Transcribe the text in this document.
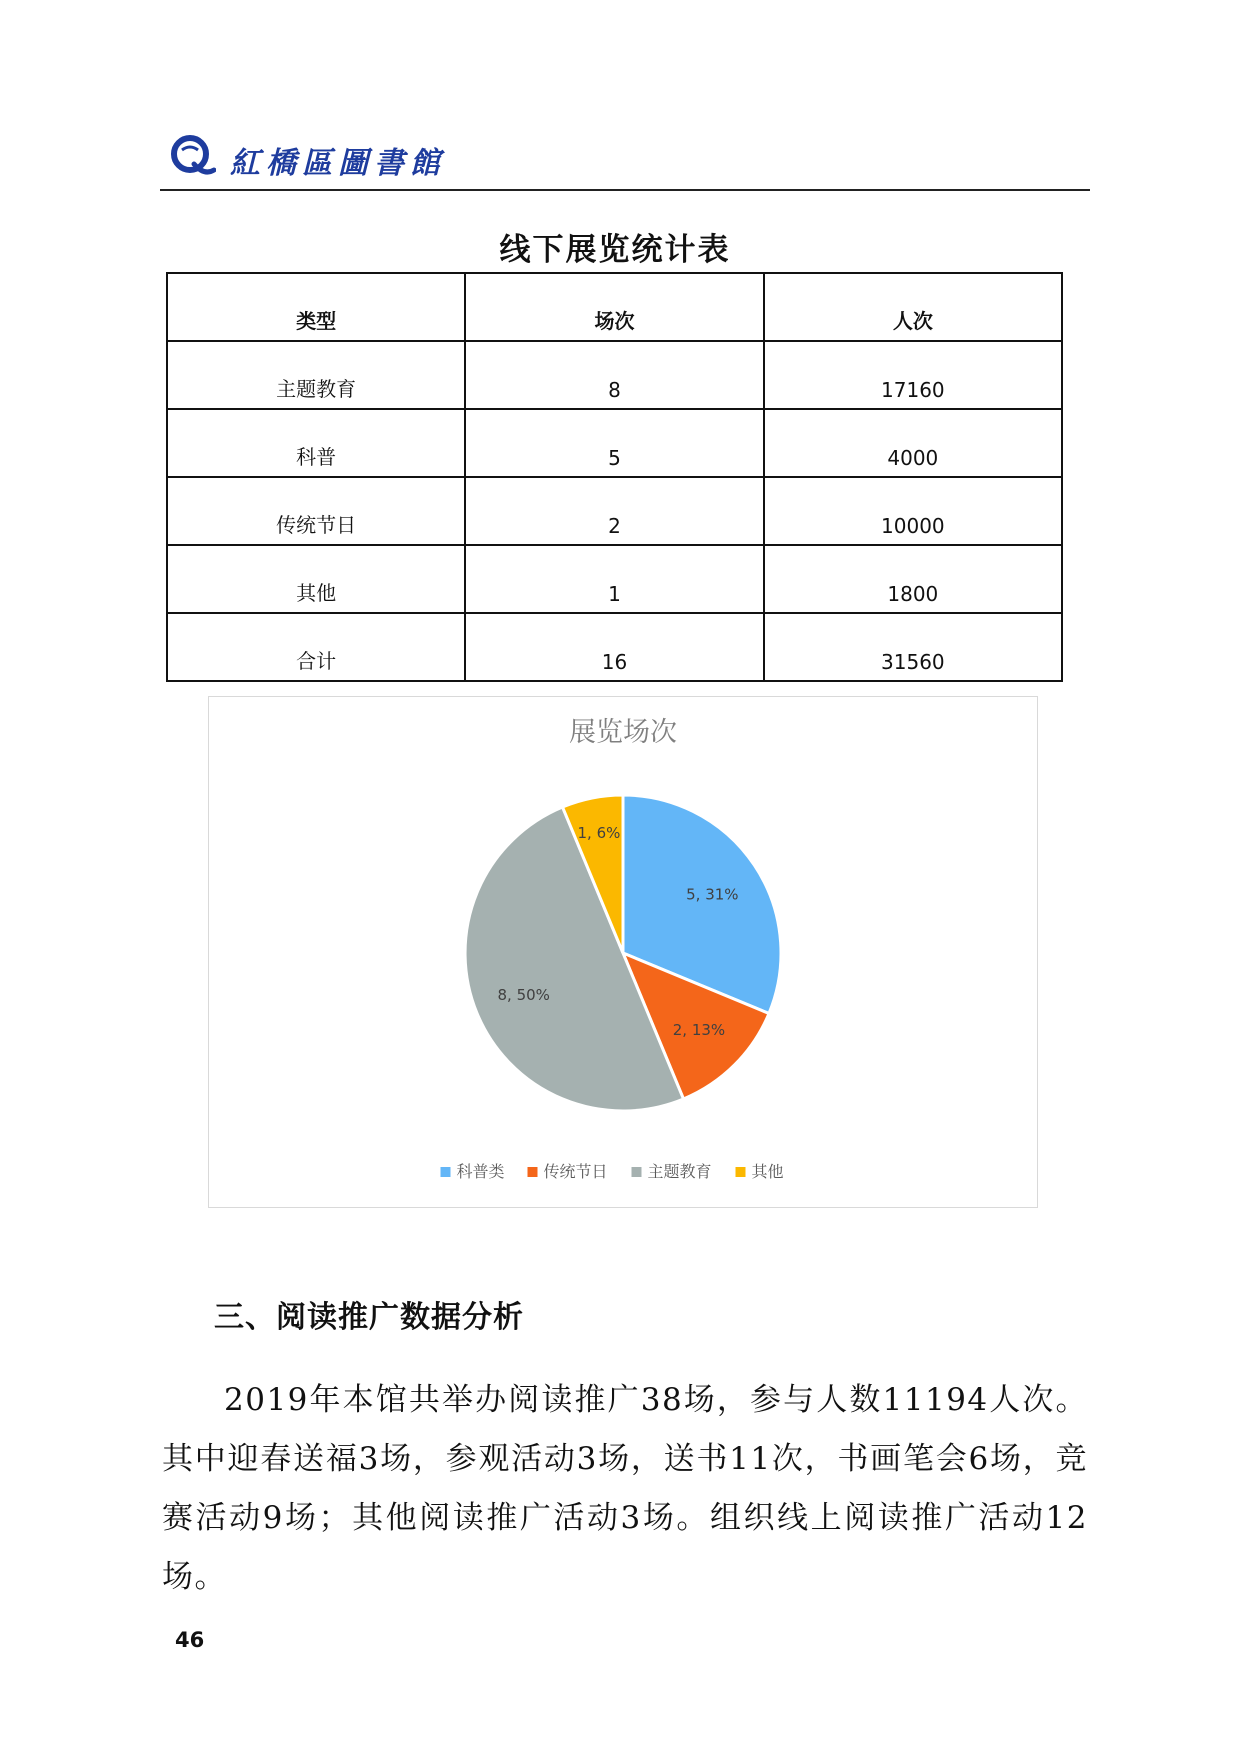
紅橋區圖書館
线下展览统计表
类型	场次	人次
主题教育	8	17160
科普	5	4000
传统节日	2	10000
其他	1	1800
合计	16	31560
展览场次
5, 31%
2, 13%
8, 50%
1, 6%
科普类 传统节日 主题教育 其他
三、阅读推广数据分析

2019年本馆共举办阅读推广38场，参与人数11194人次。其中迎春送福3场，参观活动3场，送书11次，书画笔会6场，竞赛活动9场；其他阅读推广活动3场。组织线上阅读推广活动12场。

46
